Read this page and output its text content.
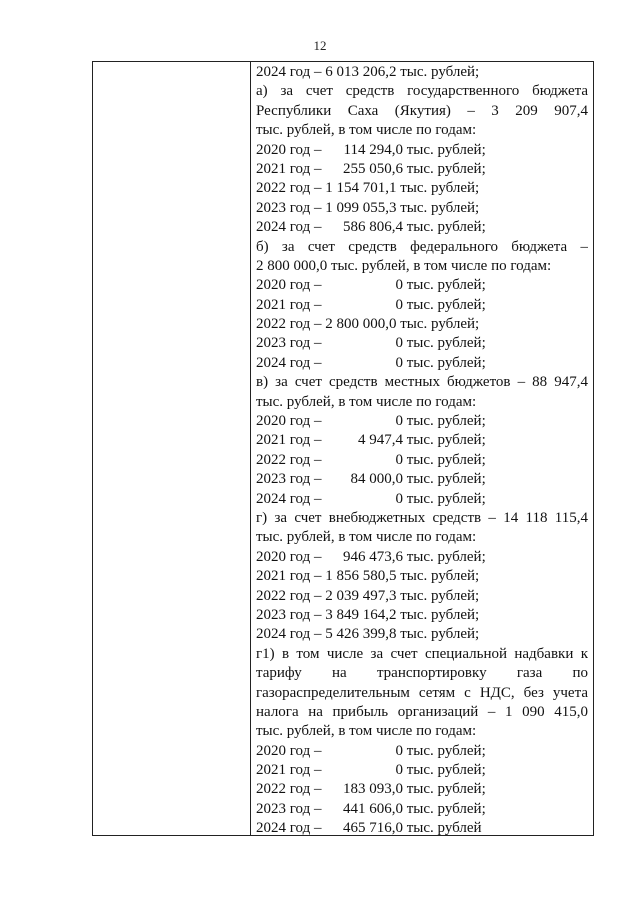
12
2024 год – 6 013 206,2 тыс. рублей;
а) за счет средств государственного бюджета
Республики Саха (Якутия) – 3 209 907,4
тыс. рублей, в том числе по годам:
2020 год – 114 294,0 тыс. рублей;
2021 год – 255 050,6 тыс. рублей;
2022 год – 1 154 701,1 тыс. рублей;
2023 год – 1 099 055,3 тыс. рублей;
2024 год – 586 806,4 тыс. рублей;
б) за счет средств федерального бюджета –
2 800 000,0 тыс. рублей, в том числе по годам:
2020 год –	0 тыс. рублей;
2021 год –	0 тыс. рублей;
2022 год – 2 800 000,0 тыс. рублей;
2023 год –	0 тыс. рублей;
2024 год –	0 тыс. рублей;
в) за счет средств местных бюджетов – 88 947,4
тыс. рублей, в том числе по годам:
2020 год –	0 тыс. рублей;
2021 год – 4 947,4 тыс. рублей;
2022 год –	0 тыс. рублей;
2023 год – 84 000,0 тыс. рублей;
2024 год –	0 тыс. рублей;
г) за счет внебюджетных средств – 14 118 115,4
тыс. рублей, в том числе по годам:
2020 год – 946 473,6 тыс. рублей;
2021 год – 1 856 580,5 тыс. рублей;
2022 год – 2 039 497,3 тыс. рублей;
2023 год – 3 849 164,2 тыс. рублей;
2024 год – 5 426 399,8 тыс. рублей;
г1) в том числе за счет специальной надбавки к
тарифу на транспортировку газа по
газораспределительным сетям с НДС, без учета
налога на прибыль организаций – 1 090 415,0
тыс. рублей, в том числе по годам:
2020 год –	0 тыс. рублей;
2021 год –	0 тыс. рублей;
2022 год – 183 093,0 тыс. рублей;
2023 год – 441 606,0 тыс. рублей;
2024 год – 465 716,0 тыс. рублей
